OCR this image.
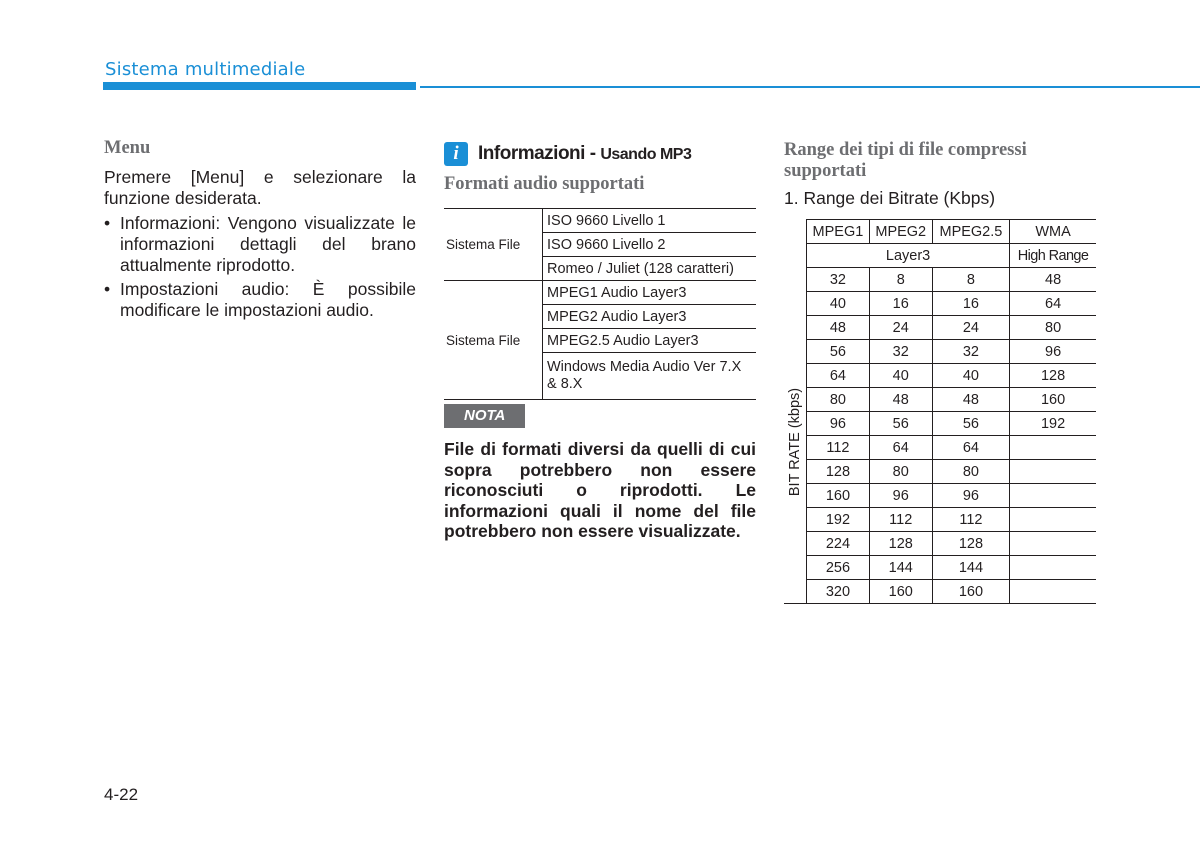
Sistema multimediale
Menu

Premere [Menu] e selezionare la funzione desiderata.

• Informazioni: Vengono visualizzate le informazioni dettagli del brano attualmente riprodotto.
• Impostazioni audio: È possibile modificare le impostazioni audio.
i	Informazioni - Usando MP3
Formati audio supportati
Sistema File	ISO 9660 Livello 1
	ISO 9660 Livello 2
	Romeo / Juliet (128 caratteri)
Sistema File	MPEG1 Audio Layer3
	MPEG2 Audio Layer3
	MPEG2.5 Audio Layer3
	Windows Media Audio Ver 7.X & 8.X
NOTA
File di formati diversi da quelli di cui sopra potrebbero non essere riconosciuti o riprodotti. Le informazioni quali il nome del file potrebbero non essere visualizzate.
Range dei tipi di file compressi supportati
1. Range dei Bitrate (Kbps)
BIT RATE (kbps)	MPEG1	MPEG2	MPEG2.5	WMA
	Layer3			High Range
	32	8	8	48
	40	16	16	64
	48	24	24	80
	56	32	32	96
	64	40	40	128
	80	48	48	160
	96	56	56	192
	112	64	64	
	128	80	80	
	160	96	96	
	192	112	112	
	224	128	128	
	256	144	144	
	320	160	160	
4-22
